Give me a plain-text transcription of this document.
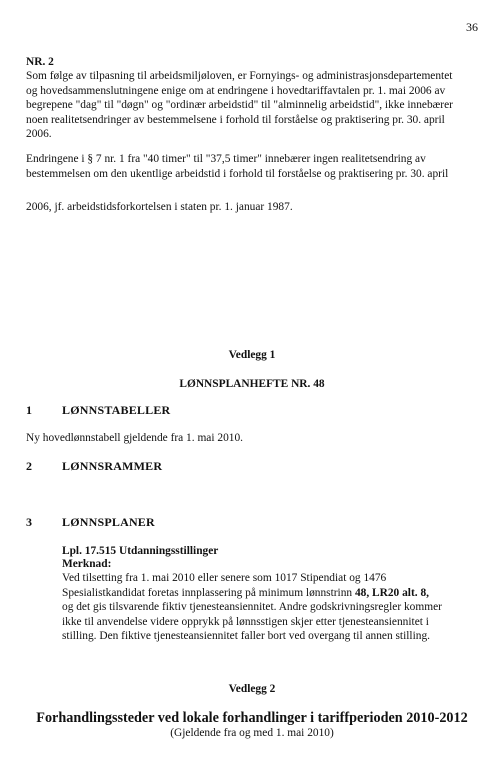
36
NR. 2
Som følge av tilpasning til arbeidsmiljøloven, er Fornyings- og administrasjonsdepartementet
og hovedsammenslutningene enige om at endringene i hovedtariffavtalen pr. 1. mai 2006 av
begrepene "dag" til "døgn" og "ordinær arbeidstid" til "alminnelig arbeidstid", ikke innebærer
noen realitetsendringer av bestemmelsene i forhold til forståelse og praktisering pr. 30. april
2006.
Endringene i § 7 nr. 1 fra "40 timer" til "37,5 timer" innebærer ingen realitetsendring av
bestemmelsen om den ukentlige arbeidstid i forhold til forståelse og praktisering pr. 30. april
2006, jf. arbeidstidsforkortelsen i staten pr. 1. januar 1987.
Vedlegg 1
LØNNSPLANHEFTE NR. 48
1	LØNNSTABELLER
Ny hovedlønnstabell gjeldende fra 1. mai 2010.
2	LØNNSRAMMER
3	LØNNSPLANER
Lpl. 17.515 Utdanningsstillinger
Merknad:
Ved tilsetting fra 1. mai 2010 eller senere som 1017 Stipendiat og 1476
Spesialistkandidat foretas innplassering på minimum lønnstrinn 48, LR20 alt. 8,
og det gis tilsvarende fiktiv tjenesteansiennitet. Andre godskrivningsregler kommer
ikke til anvendelse videre opprykk på lønnsstigen skjer etter tjenesteansiennitet i
stilling. Den fiktive tjenesteansiennitet faller bort ved overgang til annen stilling.
Vedlegg 2
Forhandlingssteder ved lokale forhandlinger i tariffperioden 2010-2012
(Gjeldende fra og med 1. mai 2010)
